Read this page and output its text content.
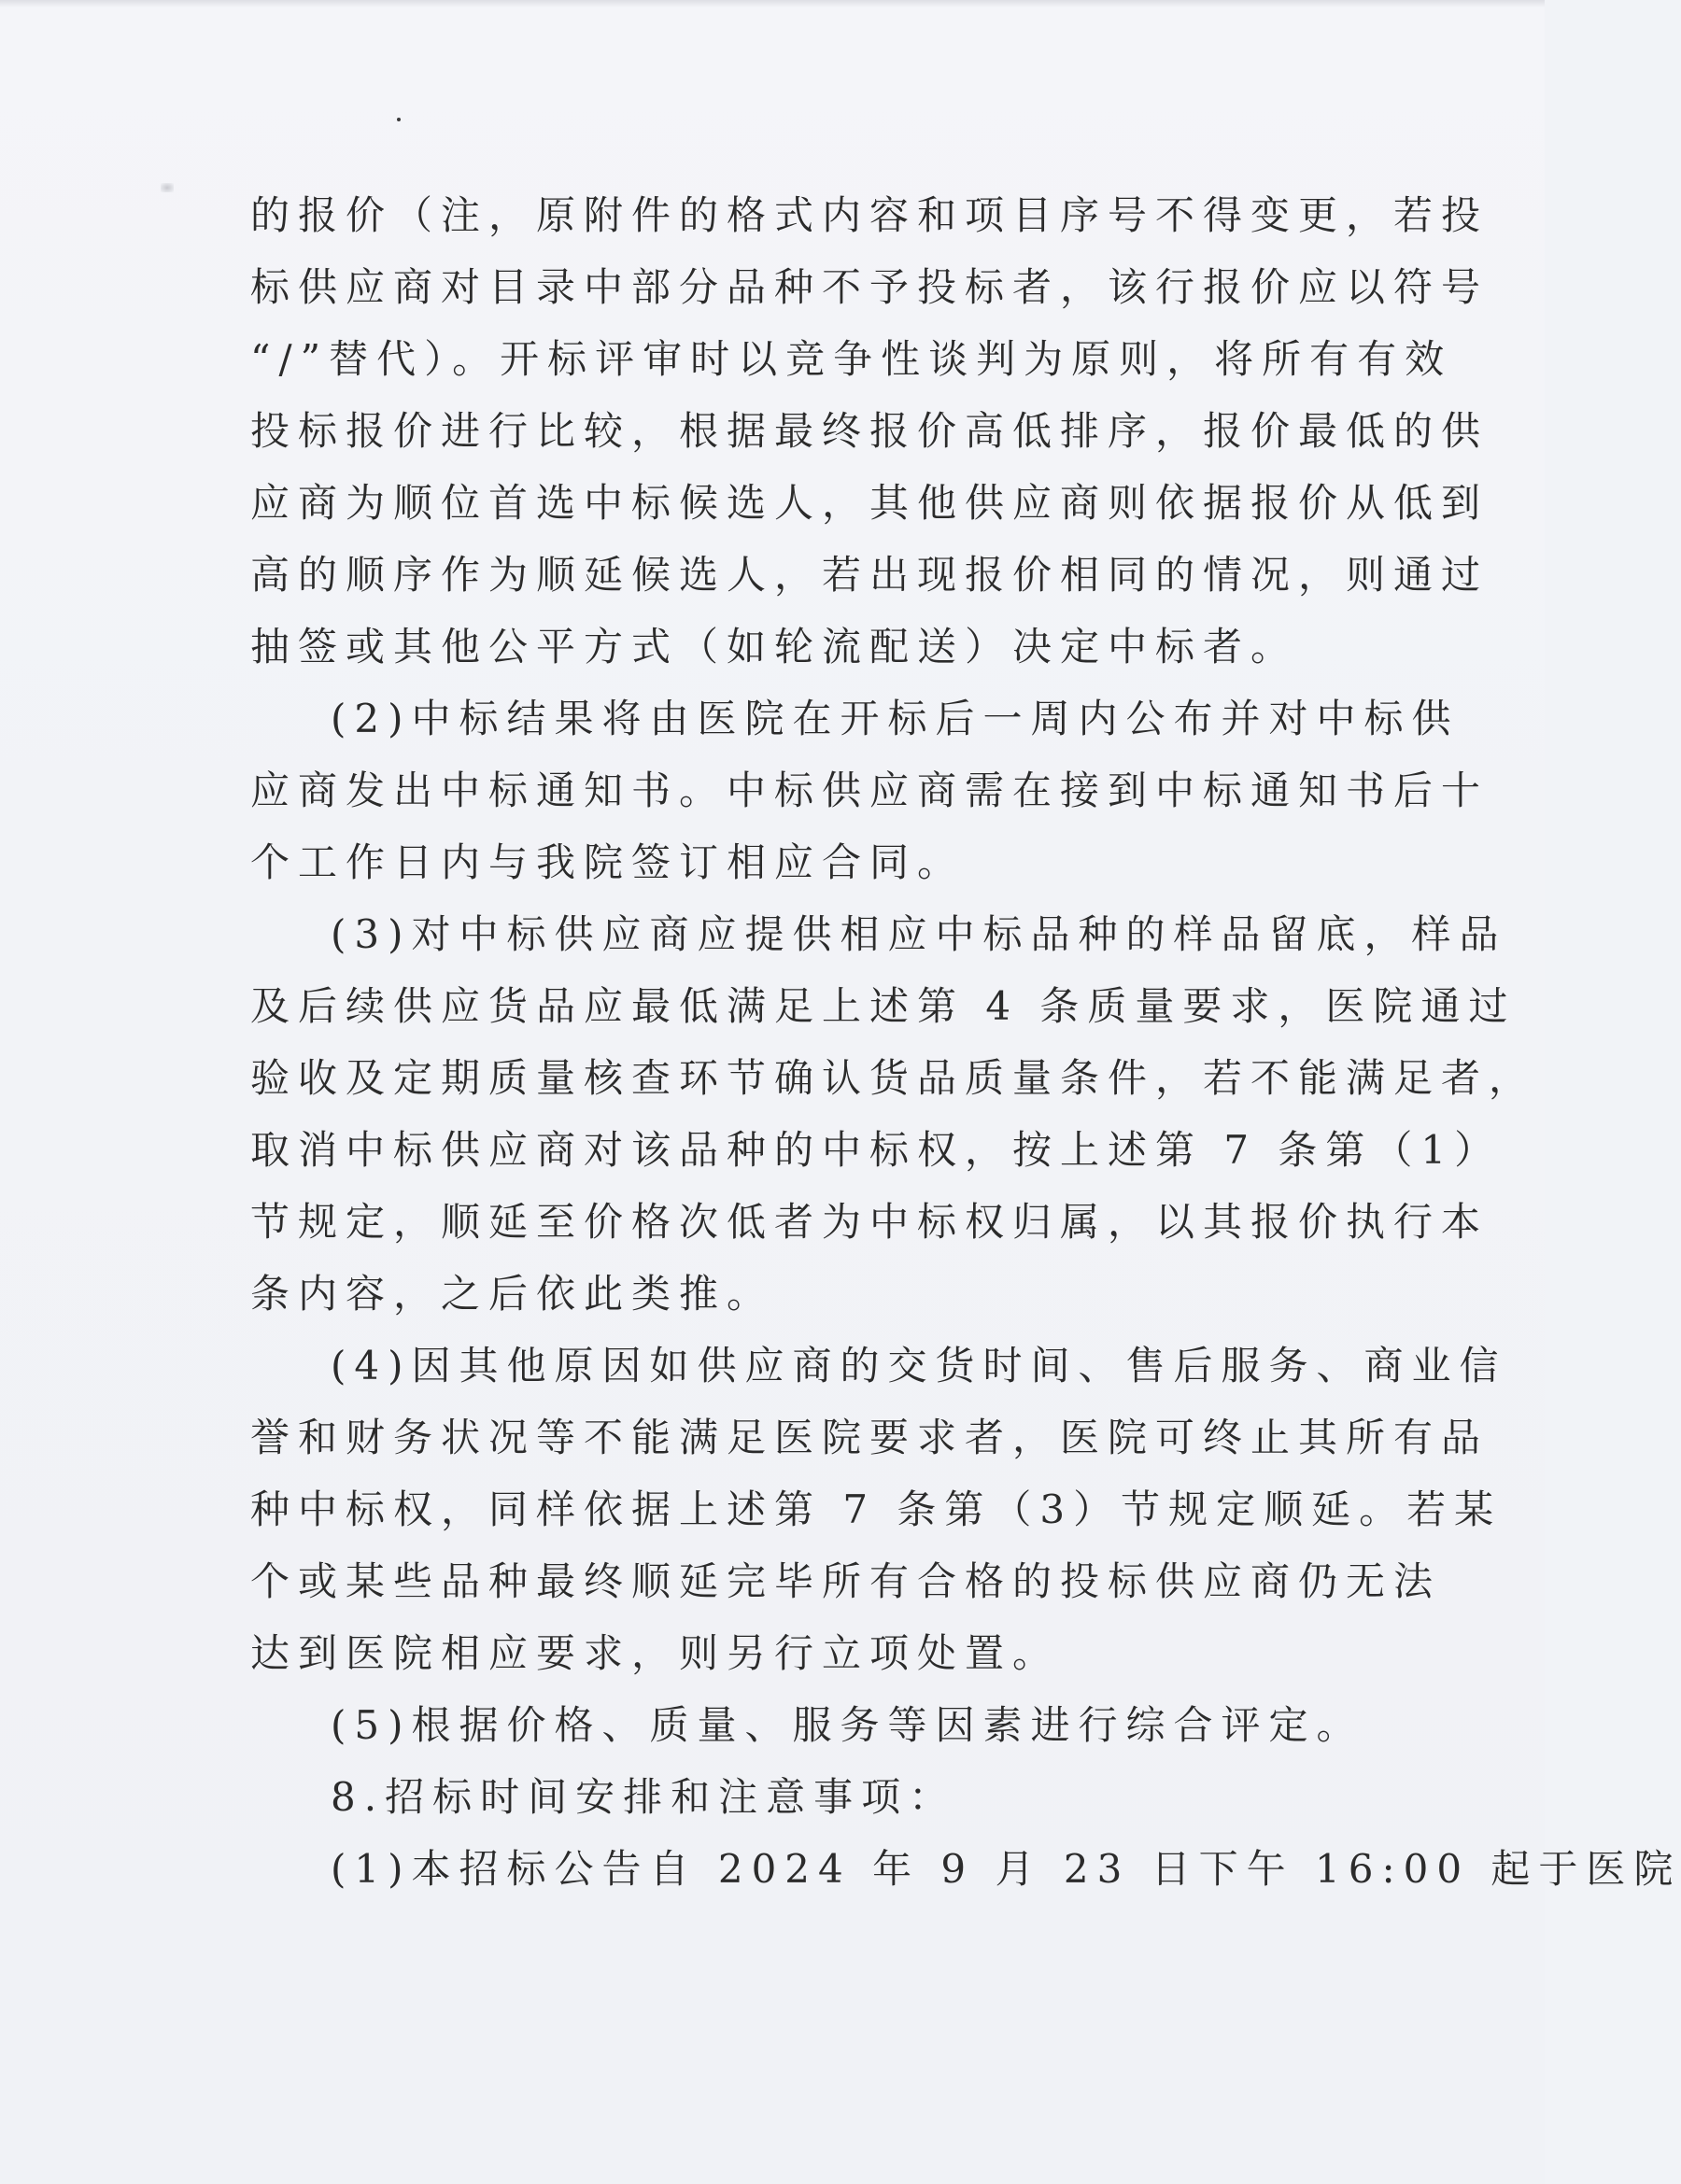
的报价（注，原附件的格式内容和项目序号不得变更，若投
标供应商对目录中部分品种不予投标者，该行报价应以符号
“/”替代）。开标评审时以竞争性谈判为原则，将所有有效
投标报价进行比较，根据最终报价高低排序，报价最低的供
应商为顺位首选中标候选人，其他供应商则依据报价从低到
高的顺序作为顺延候选人，若出现报价相同的情况，则通过
抽签或其他公平方式（如轮流配送）决定中标者。
(2)中标结果将由医院在开标后一周内公布并对中标供
应商发出中标通知书。中标供应商需在接到中标通知书后十
个工作日内与我院签订相应合同。
(3)对中标供应商应提供相应中标品种的样品留底，样品
及后续供应货品应最低满足上述第 4 条质量要求，医院通过
验收及定期质量核查环节确认货品质量条件，若不能满足者，
取消中标供应商对该品种的中标权，按上述第 7 条第（1）
节规定，顺延至价格次低者为中标权归属，以其报价执行本
条内容，之后依此类推。
(4)因其他原因如供应商的交货时间、售后服务、商业信
誉和财务状况等不能满足医院要求者，医院可终止其所有品
种中标权，同样依据上述第 7 条第（3）节规定顺延。若某
个或某些品种最终顺延完毕所有合格的投标供应商仍无法
达到医院相应要求，则另行立项处置。
(5)根据价格、质量、服务等因素进行综合评定。
8.招标时间安排和注意事项：
(1)本招标公告自 2024 年 9 月 23 日下午 16:00 起于医院
